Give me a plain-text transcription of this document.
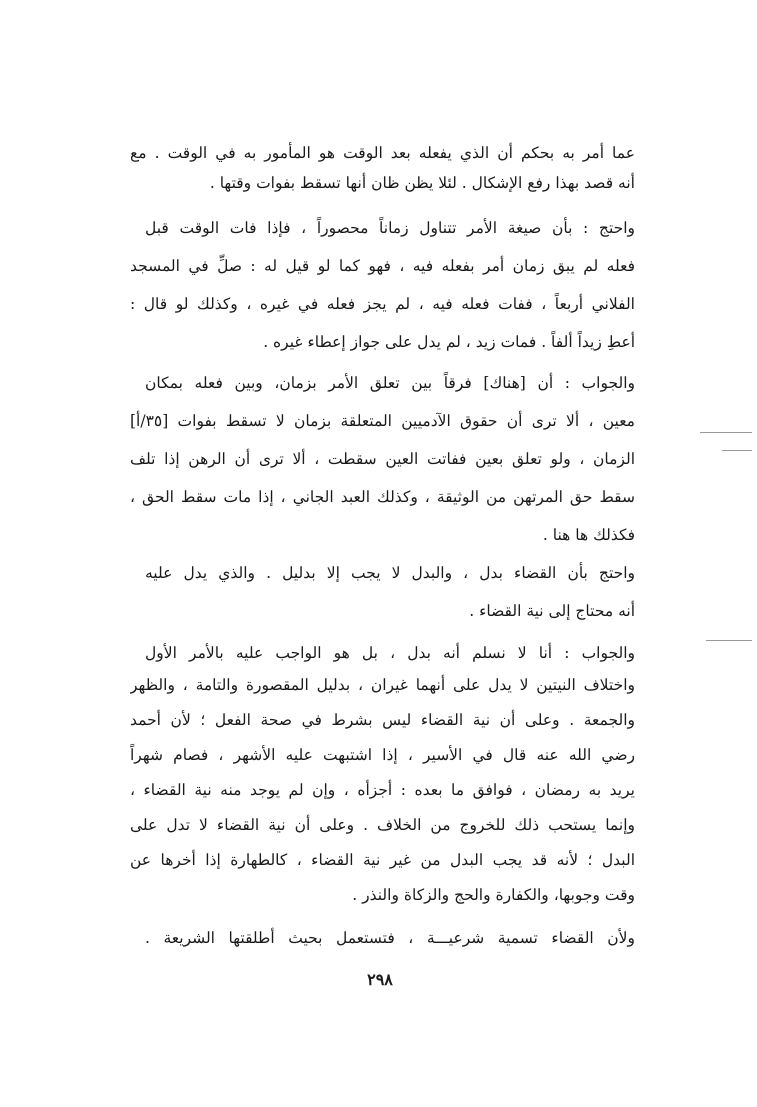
عما أمر به بحكم أن الذي يفعله بعد الوقت هو المأمور به في الوقت . مع
أنه قصد بهذا رفع الإشكال . لئلا يظن ظان أنها تسقط بفوات وقتها .
واحتج : بأن صيغة الأمر تتناول زماناً محصوراً ، فإذا فات الوقت قبل
فعله لم يبق زمان أمر بفعله فيه ، فهو كما لو قيل له : صلِّ في المسجد
الفلاني أربعاً ، ففات فعله فيه ، لم يجز فعله في غيره ، وكذلك لو قال :
أعطِ زيداً ألفاً . فمات زيد ، لم يدل على جواز إعطاء غيره .
والجواب : أن [هناك] فرقاً بين تعلق الأمر بزمان، وبين فعله بمكان
معين ، ألا ترى أن حقوق الآدميين المتعلقة بزمان لا تسقط بفوات [٣٥/أ]
الزمان ، ولو تعلق بعين ففاتت العين سقطت ، ألا ترى أن الرهن إذا تلف
سقط حق المرتهن من الوثيقة ، وكذلك العبد الجاني ، إذا مات سقط الحق ،
فكذلك ها هنا .
واحتج بأن القضاء بدل ، والبدل لا يجب إلا بدليل . والذي يدل عليه
أنه محتاج إلى نية القضاء .
والجواب : أنا لا نسلم أنه بدل ، بل هو الواجب عليه بالأمر الأول
واختلاف النيتين لا يدل على أنهما غيران ، بدليل المقصورة والتامة ، والظهر
والجمعة . وعلى أن نية القضاء ليس بشرط في صحة الفعل ؛ لأن أحمد
رضي الله عنه قال في الأسير ، إذا اشتبهت عليه الأشهر ، فصام شهراً
يريد به رمضان ، فوافق ما بعده : أجزأه ، وإن لم يوجد منه نية القضاء ،
وإنما يستحب ذلك للخروج من الخلاف . وعلى أن نية القضاء لا تدل على
البدل ؛ لأنه قد يجب البدل من غير نية القضاء ، كالطهارة إذا أخرها عن
وقت وجوبها، والكفارة والحج والزكاة والنذر .
ولأن القضاء تسمية شرعيـــة ، فتستعمل بحيث أطلقتها الشريعة .
٢٩٨
